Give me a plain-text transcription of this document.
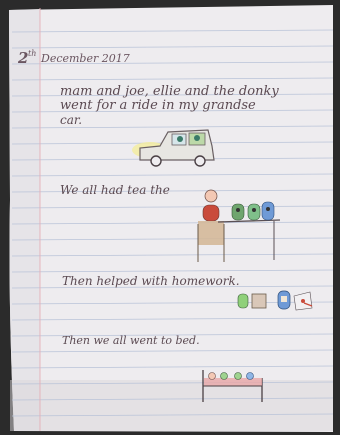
2 th December 2017
mam and joe, ellie and the donky
went for a ride in my grandse
car.
We all had tea the
Then helped with homework.
Then we all went to bed.
